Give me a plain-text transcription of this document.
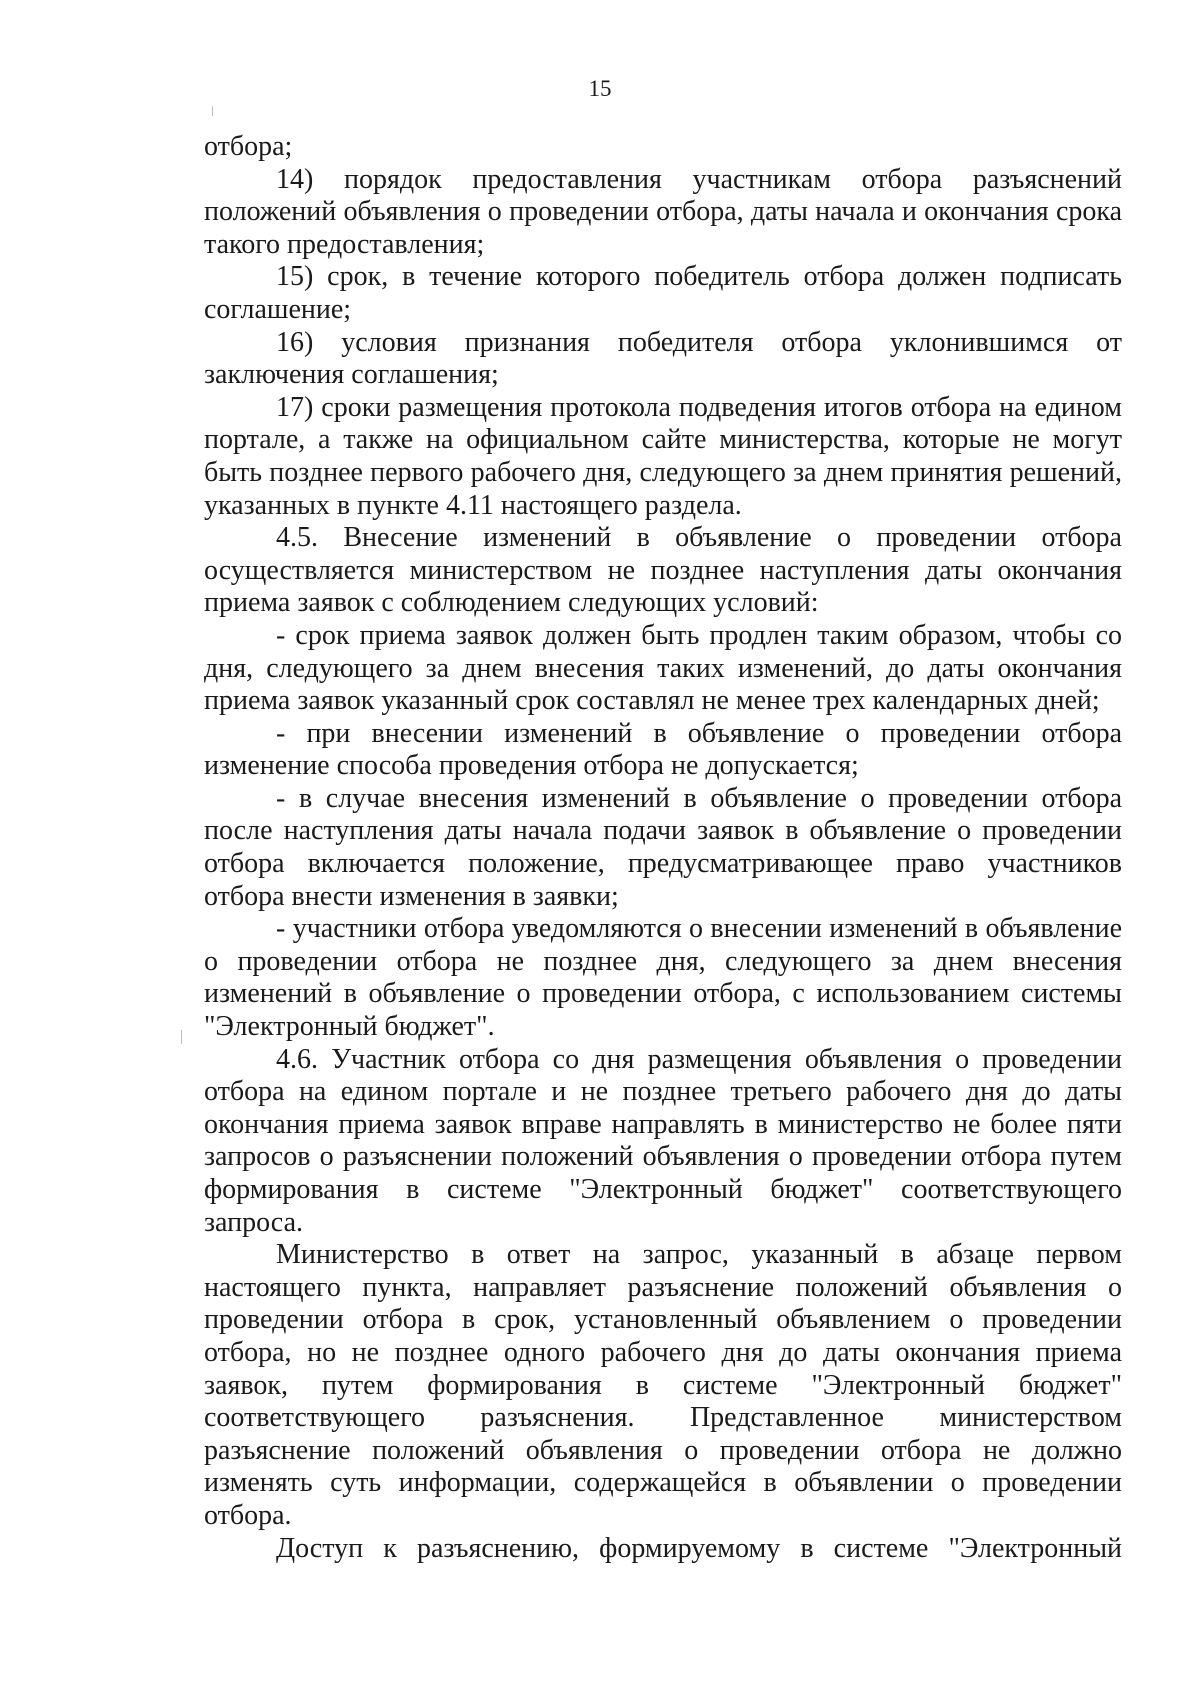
15

отбора;

14) порядок предоставления участникам отбора разъяснений положений объявления о проведении отбора, даты начала и окончания срока такого предоставления;

15) срок, в течение которого победитель отбора должен подписать соглашение;

16) условия признания победителя отбора уклонившимся от заключения соглашения;

17) сроки размещения протокола подведения итогов отбора на едином портале, а также на официальном сайте министерства, которые не могут быть позднее первого рабочего дня, следующего за днем принятия решений, указанных в пункте 4.11 настоящего раздела.

4.5. Внесение изменений в объявление о проведении отбора осуществляется министерством не позднее наступления даты окончания приема заявок с соблюдением следующих условий:

- срок приема заявок должен быть продлен таким образом, чтобы со дня, следующего за днем внесения таких изменений, до даты окончания приема заявок указанный срок составлял не менее трех календарных дней;

- при внесении изменений в объявление о проведении отбора изменение способа проведения отбора не допускается;

- в случае внесения изменений в объявление о проведении отбора после наступления даты начала подачи заявок в объявление о проведении отбора включается положение, предусматривающее право участников отбора внести изменения в заявки;

- участники отбора уведомляются о внесении изменений в объявление о проведении отбора не позднее дня, следующего за днем внесения изменений в объявление о проведении отбора, с использованием системы "Электронный бюджет".

4.6. Участник отбора со дня размещения объявления о проведении отбора на едином портале и не позднее третьего рабочего дня до даты окончания приема заявок вправе направлять в министерство не более пяти запросов о разъяснении положений объявления о проведении отбора путем формирования в системе "Электронный бюджет" соответствующего запроса.

Министерство в ответ на запрос, указанный в абзаце первом настоящего пункта, направляет разъяснение положений объявления о проведении отбора в срок, установленный объявлением о проведении отбора, но не позднее одного рабочего дня до даты окончания приема заявок, путем формирования в системе "Электронный бюджет" соответствующего разъяснения. Представленное министерством разъяснение положений объявления о проведении отбора не должно изменять суть информации, содержащейся в объявлении о проведении отбора.

Доступ к разъяснению, формируемому в системе "Электронный
